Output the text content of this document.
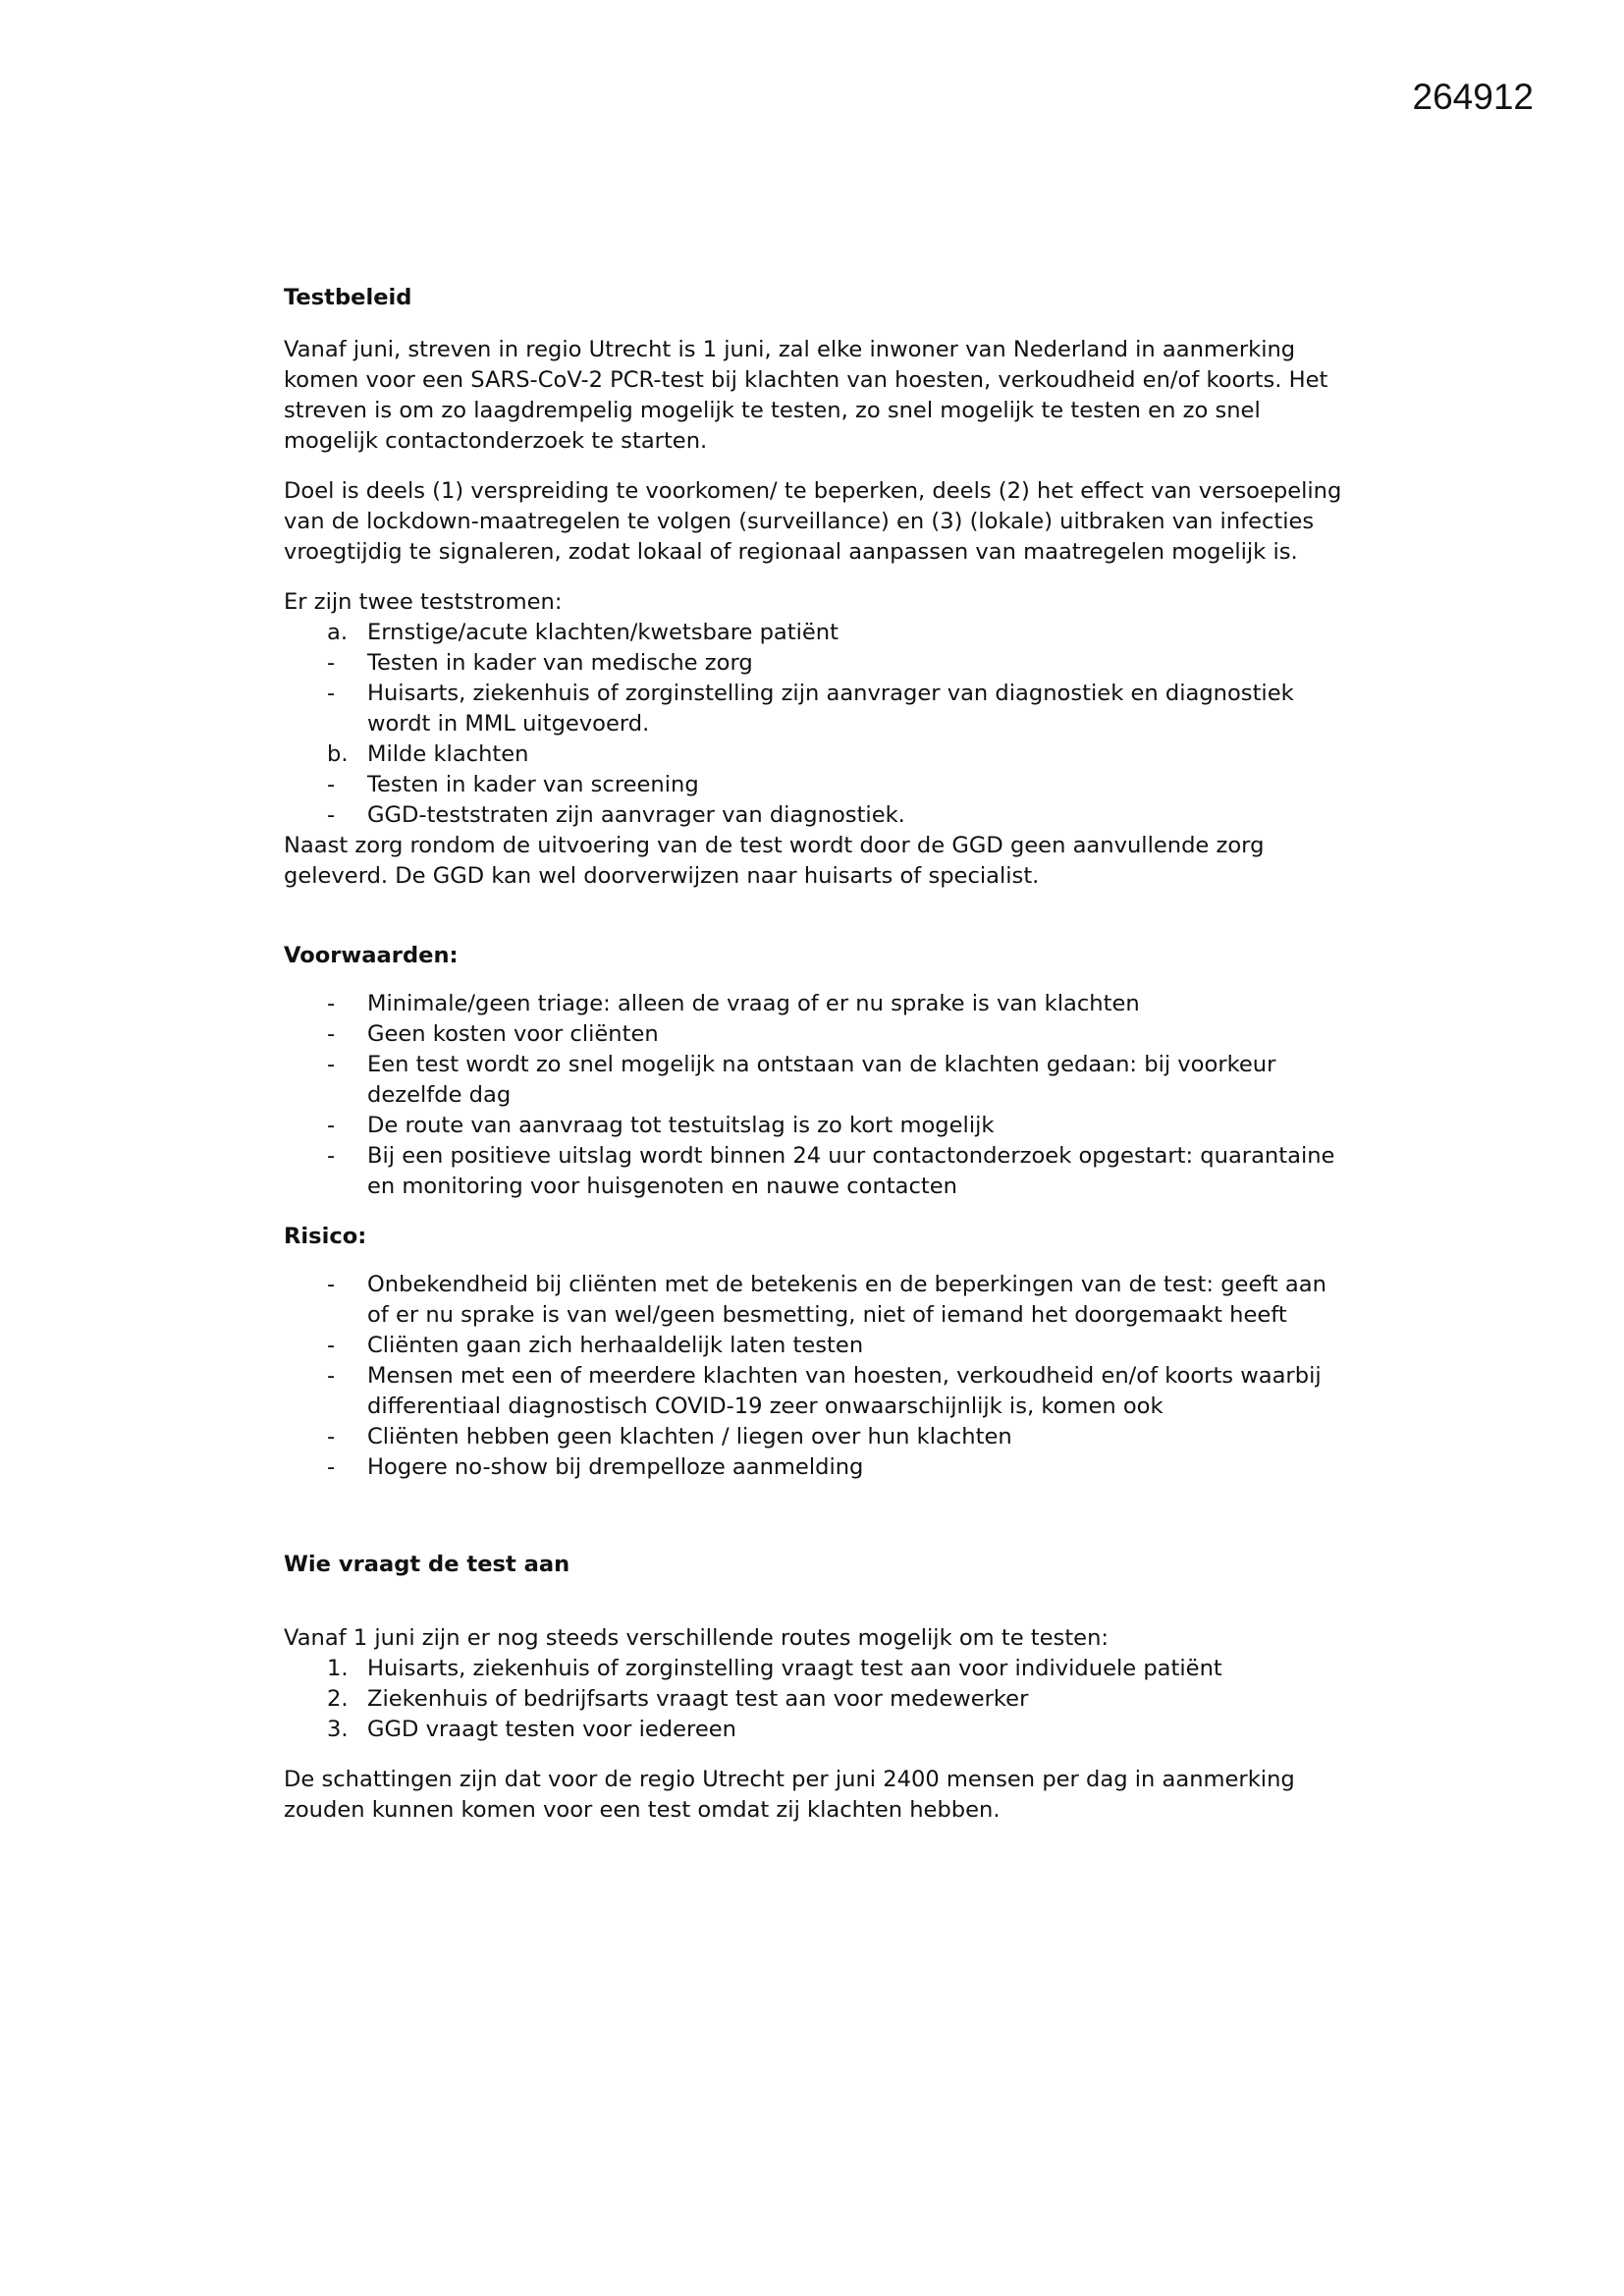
264912
Testbeleid

Vanaf juni, streven in regio Utrecht is 1 juni, zal elke inwoner van Nederland in aanmerking komen voor een SARS-CoV-2 PCR-test bij klachten van hoesten, verkoudheid en/of koorts. Het streven is om zo laagdrempelig mogelijk te testen, zo snel mogelijk te testen en zo snel mogelijk contactonderzoek te starten.

Doel is deels (1) verspreiding te voorkomen/ te beperken, deels (2) het effect van versoepeling van de lockdown-maatregelen te volgen (surveillance) en (3) (lokale) uitbraken van infecties vroegtijdig te signaleren, zodat lokaal of regionaal aanpassen van maatregelen mogelijk is.

Er zijn twee teststromen:

a. Ernstige/acute klachten/kwetsbare patiënt
- Testen in kader van medische zorg
- Huisarts, ziekenhuis of zorginstelling zijn aanvrager van diagnostiek en diagnostiek wordt in MML uitgevoerd.
b. Milde klachten
- Testen in kader van screening
- GGD-teststraten zijn aanvrager van diagnostiek.

Naast zorg rondom de uitvoering van de test wordt door de GGD geen aanvullende zorg geleverd. De GGD kan wel doorverwijzen naar huisarts of specialist.

Voorwaarden:
- Minimale/geen triage: alleen de vraag of er nu sprake is van klachten
- Geen kosten voor cliënten
- Een test wordt zo snel mogelijk na ontstaan van de klachten gedaan: bij voorkeur dezelfde dag
- De route van aanvraag tot testuitslag is zo kort mogelijk
- Bij een positieve uitslag wordt binnen 24 uur contactonderzoek opgestart: quarantaine en monitoring voor huisgenoten en nauwe contacten
Risico:
- Onbekendheid bij cliënten met de betekenis en de beperkingen van de test: geeft aan of er nu sprake is van wel/geen besmetting, niet of iemand het doorgemaakt heeft
- Cliënten gaan zich herhaaldelijk laten testen
- Mensen met een of meerdere klachten van hoesten, verkoudheid en/of koorts waarbij differentiaal diagnostisch COVID-19 zeer onwaarschijnlijk is, komen ook
- Cliënten hebben geen klachten / liegen over hun klachten
- Hogere no-show bij drempelloze aanmelding
Wie vraagt de test aan

Vanaf 1 juni zijn er nog steeds verschillende routes mogelijk om te testen:

1. Huisarts, ziekenhuis of zorginstelling vraagt test aan voor individuele patiënt
2. Ziekenhuis of bedrijfsarts vraagt test aan voor medewerker
3. GGD vraagt testen voor iedereen

De schattingen zijn dat voor de regio Utrecht per juni 2400 mensen per dag in aanmerking zouden kunnen komen voor een test omdat zij klachten hebben.
